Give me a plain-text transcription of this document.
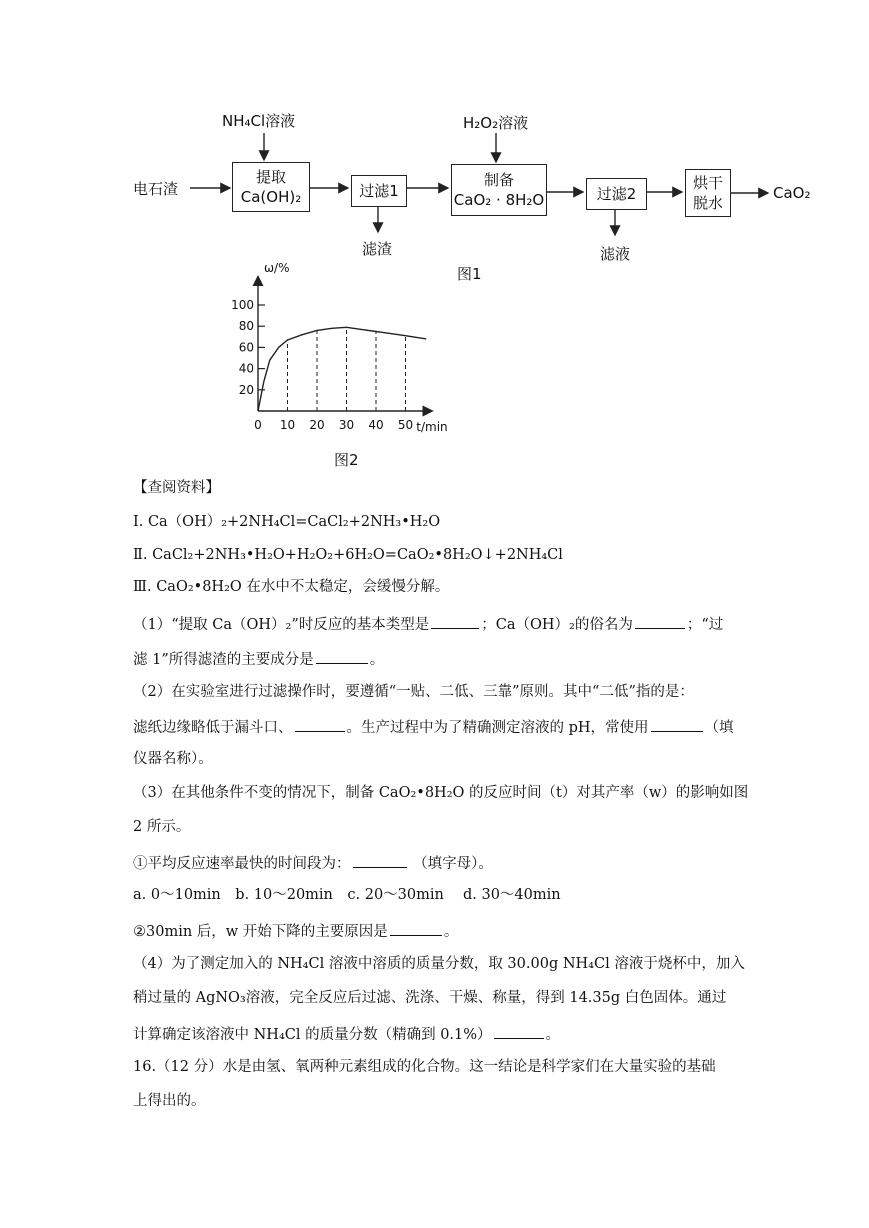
电石渣
NH₄Cl溶液
提取
Ca(OH)₂	过滤1
滤渣
H₂O₂溶液
制备
CaO₂ · 8H₂O	过滤2
滤液
烘干
脱水
CaO₂
图1
0 10 20 30 40 50
20
40
60
80
100
ω/%
t/min
图2
【查阅资料】
Ⅰ. Ca（OH）₂+2NH₄Cl=CaCl₂+2NH₃•H₂O
Ⅱ. CaCl₂+2NH₃•H₂O+H₂O₂+6H₂O=CaO₂•8H₂O↓+2NH₄Cl
Ⅲ. CaO₂•8H₂O 在水中不太稳定，会缓慢分解。
（1）“提取 Ca（OH）₂”时反应的基本类型是	；Ca（OH）₂的俗名为	；“过
滤 1”所得滤渣的主要成分是	。
（2）在实验室进行过滤操作时，要遵循“一贴、二低、三靠”原则。其中“二低”指的是：
滤纸边缘略低于漏斗口、	。生产过程中为了精确测定溶液的 pH，常使用	（填
仪器名称）。
（3）在其他条件不变的情况下，制备 CaO₂•8H₂O 的反应时间（t）对其产率（w）的影响如图
2 所示。
①平均反应速率最快的时间段为：	（填字母）。
a. 0～10min　b. 10～20min　c. 20～30min　 d. 30～40min
②30min 后，w 开始下降的主要原因是	。
（4）为了测定加入的 NH₄Cl 溶液中溶质的质量分数，取 30.00g NH₄Cl 溶液于烧杯中，加入
稍过量的 AgNO₃溶液，完全反应后过滤、洗涤、干燥、称量，得到 14.35g 白色固体。通过
计算确定该溶液中 NH₄Cl 的质量分数（精确到 0.1%）	。
16.（12 分）水是由氢、氧两种元素组成的化合物。这一结论是科学家们在大量实验的基础
上得出的。
